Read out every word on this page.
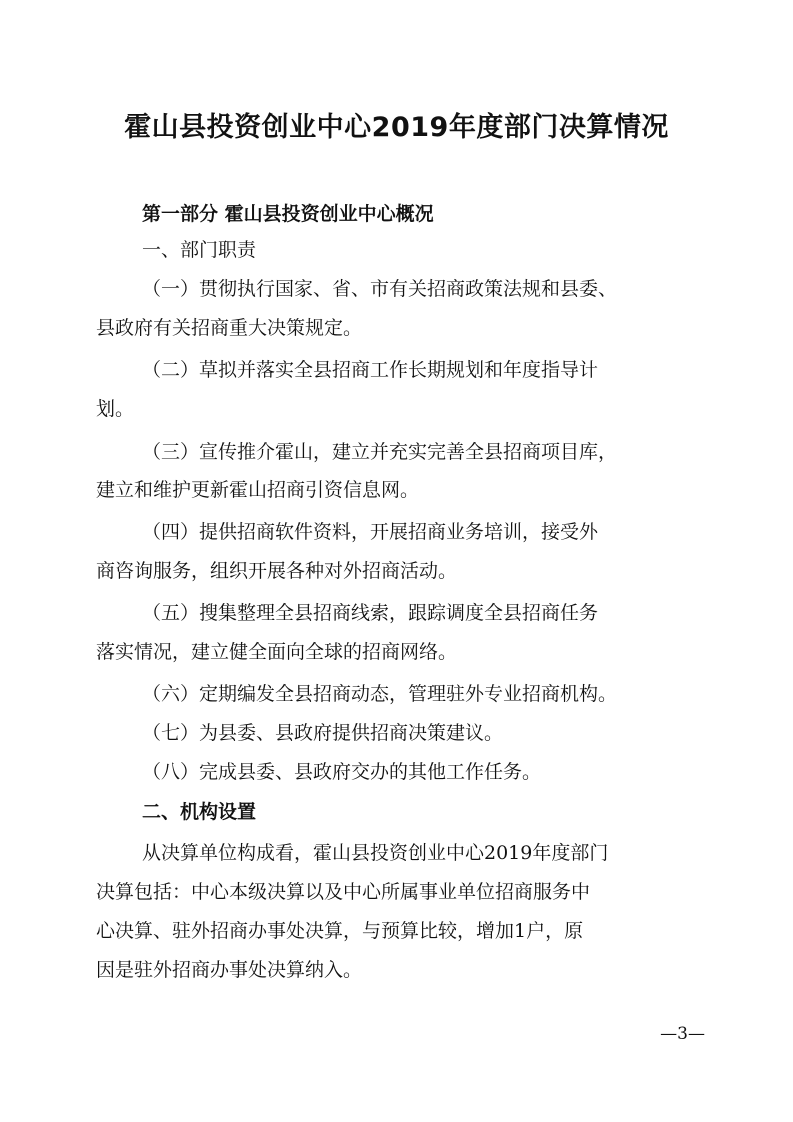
霍山县投资创业中心2019年度部门决算情况
第一部分 霍山县投资创业中心概况
一、部门职责
（一）贯彻执行国家、省、市有关招商政策法规和县委、
县政府有关招商重大决策规定。
（二）草拟并落实全县招商工作长期规划和年度指导计
划。
（三）宣传推介霍山，建立并充实完善全县招商项目库，
建立和维护更新霍山招商引资信息网。
（四）提供招商软件资料，开展招商业务培训，接受外
商咨询服务，组织开展各种对外招商活动。
（五）搜集整理全县招商线索，跟踪调度全县招商任务
落实情况，建立健全面向全球的招商网络。
（六）定期编发全县招商动态，管理驻外专业招商机构。
（七）为县委、县政府提供招商决策建议。
（八）完成县委、县政府交办的其他工作任务。
二、机构设置
从决算单位构成看，霍山县投资创业中心2019年度部门
决算包括：中心本级决算以及中心所属事业单位招商服务中
心决算、驻外招商办事处决算，与预算比较，增加1户，原
因是驻外招商办事处决算纳入。
—3—
